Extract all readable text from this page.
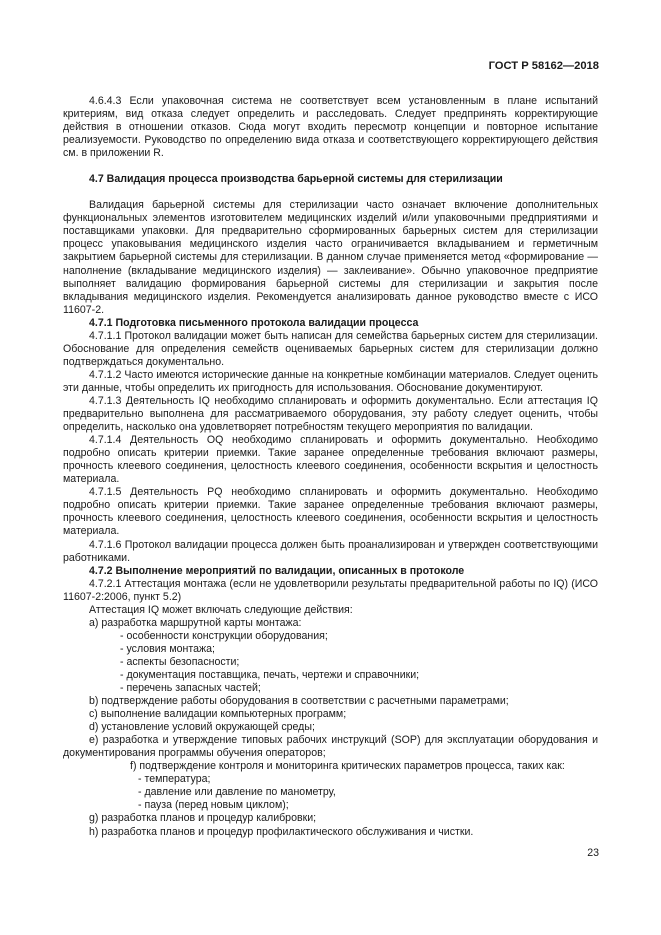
ГОСТ Р 58162—2018

4.6.4.3 Если упаковочная система не соответствует всем установленным в плане испытаний критериям, вид отказа следует определить и расследовать. Следует предпринять корректирующие действия в отношении отказов. Сюда могут входить пересмотр концепции и повторное испытание реализуемости. Руководство по определению вида отказа и соответствующего корректирующего действия см. в приложении R.

4.7 Валидация процесса производства барьерной системы для стерилизации

Валидация барьерной системы для стерилизации часто означает включение дополнительных функциональных элементов изготовителем медицинских изделий и/или упаковочными предприятиями и поставщиками упаковки. Для предварительно сформированных барьерных систем для стерилизации процесс упаковывания медицинского изделия часто ограничивается вкладыванием и герметичным закрытием барьерной системы для стерилизации. В данном случае применяется метод «формирование — наполнение (вкладывание медицинского изделия) — заклеивание». Обычно упаковочное предприятие выполняет валидацию формирования барьерной системы для стерилизации и закрытия после вкладывания медицинского изделия. Рекомендуется анализировать данное руководство вместе с ИСО 11607-2.

4.7.1 Подготовка письменного протокола валидации процесса

4.7.1.1 Протокол валидации может быть написан для семейства барьерных систем для стерилизации. Обоснование для определения семейств оцениваемых барьерных систем для стерилизации должно подтверждаться документально.

4.7.1.2 Часто имеются исторические данные на конкретные комбинации материалов. Следует оценить эти данные, чтобы определить их пригодность для использования. Обоснование документируют.

4.7.1.3 Деятельность IQ необходимо спланировать и оформить документально. Если аттестация IQ предварительно выполнена для рассматриваемого оборудования, эту работу следует оценить, чтобы определить, насколько она удовлетворяет потребностям текущего мероприятия по валидации.

4.7.1.4 Деятельность OQ необходимо спланировать и оформить документально. Необходимо подробно описать критерии приемки. Такие заранее определенные требования включают размеры, прочность клеевого соединения, целостность клеевого соединения, особенности вскрытия и целостность материала.

4.7.1.5 Деятельность PQ необходимо спланировать и оформить документально. Необходимо подробно описать критерии приемки. Такие заранее определенные требования включают размеры, прочность клеевого соединения, целостность клеевого соединения, особенности вскрытия и целостность материала.

4.7.1.6 Протокол валидации процесса должен быть проанализирован и утвержден соответствующими работниками.

4.7.2 Выполнение мероприятий по валидации, описанных в протоколе

4.7.2.1 Аттестация монтажа (если не удовлетворили результаты предварительной работы по IQ) (ИСО 11607-2:2006, пункт 5.2)

Аттестация IQ может включать следующие действия:

а) разработка маршрутной карты монтажа:

- особенности конструкции оборудования;

- условия монтажа;

- аспекты безопасности;

- документация поставщика, печать, чертежи и справочники;

- перечень запасных частей;

b) подтверждение работы оборудования в соответствии с расчетными параметрами;

c) выполнение валидации компьютерных программ;

d) установление условий окружающей среды;

e) разработка и утверждение типовых рабочих инструкций (SOP) для эксплуатации оборудования и документирования программы обучения операторов;

f) подтверждение контроля и мониторинга критических параметров процесса, таких как:

- температура;

- давление или давление по манометру,

- пауза (перед новым циклом);

g) разработка планов и процедур калибровки;

h) разработка планов и процедур профилактического обслуживания и чистки.

23
